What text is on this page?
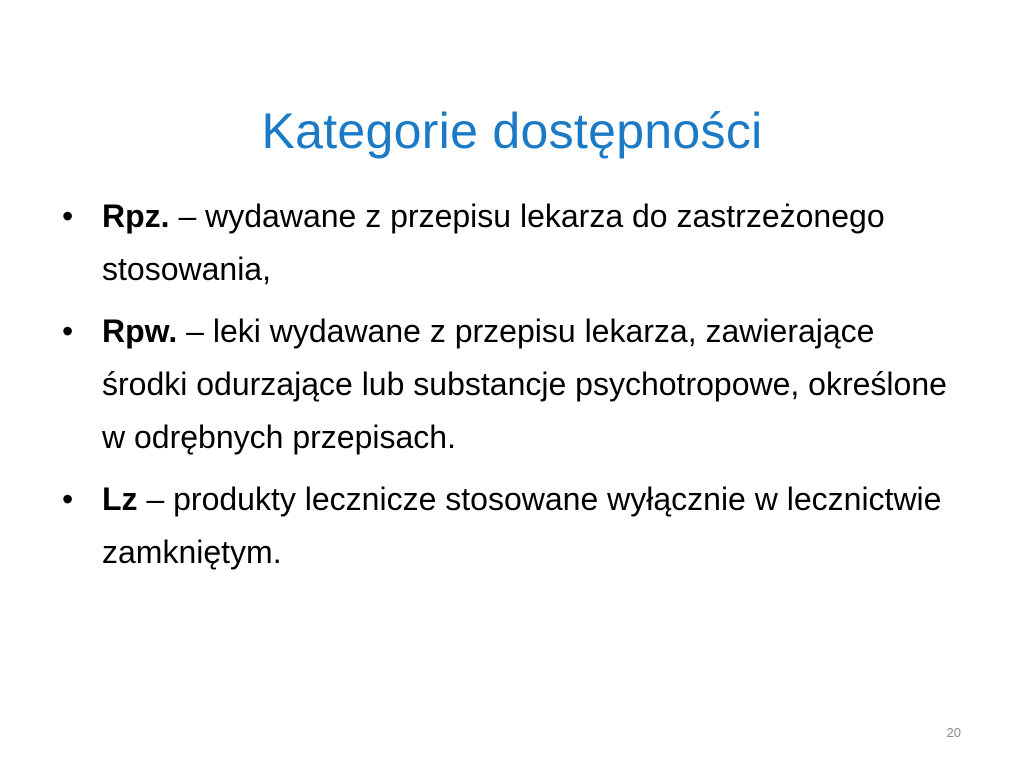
Kategorie dostępności
• Rpz. – wydawane z przepisu lekarza do zastrzeżonego stosowania,
• Rpw. – leki wydawane z przepisu lekarza, zawierające środki odurzające lub substancje psychotropowe, określone w odrębnych przepisach.
• Lz – produkty lecznicze stosowane wyłącznie w lecznictwie zamkniętym.
20
